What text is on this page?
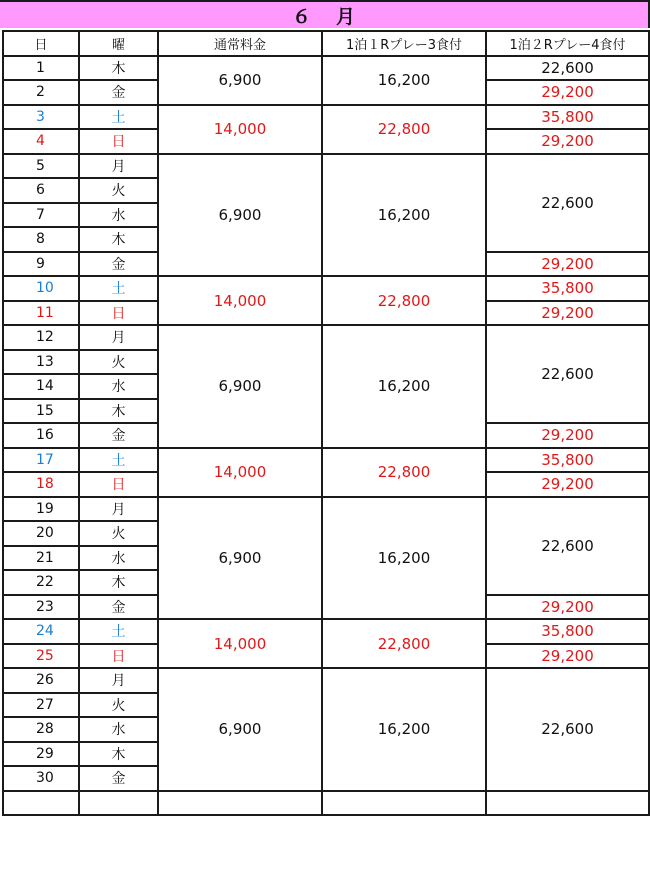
６ 月
日	曜	通常料金	1泊１Rプレー3食付	1泊２Rプレー4食付
1	木	6,900	16,200	22,600
2	金			29,200
3	土	14,000	22,800	35,800
4	日			29,200
5	月	6,900	16,200	22,600
6	火			
7	水			
8	木			
9	金			29,200
10	土	14,000	22,800	35,800
11	日			29,200
12	月	6,900	16,200	22,600
13	火			
14	水			
15	木			
16	金			29,200
17	土	14,000	22,800	35,800
18	日			29,200
19	月	6,900	16,200	22,600
20	火			
21	水			
22	木			
23	金			29,200
24	土	14,000	22,800	35,800
25	日			29,200
26	月	6,900	16,200	22,600
27	火			
28	水			
29	木			
30	金			
